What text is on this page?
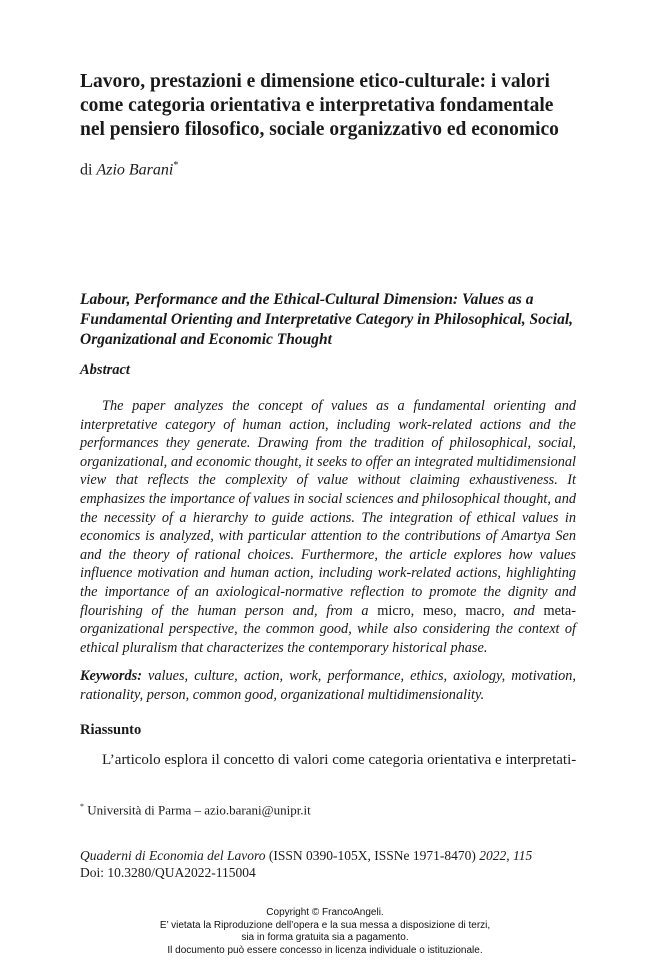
Lavoro, prestazioni e dimensione etico-culturale: i valori come categoria orientativa e interpretativa fondamentale nel pensiero filosofico, sociale organizzativo ed economico
di Azio Barani*
Labour, Performance and the Ethical-Cultural Dimension: Values as a Fundamental Orienting and Interpretative Category in Philosophical, Social, Organizational and Economic Thought
Abstract

The paper analyzes the concept of values as a fundamental orienting and interpretative category of human action, including work-related actions and the performances they generate. Drawing from the tradition of philosophical, social, organizational, and economic thought, it seeks to offer an integrated multidimensional view that reflects the complexity of value without claiming exhaustiveness. It emphasizes the importance of values in social sciences and philosophical thought, and the necessity of a hierarchy to guide actions. The integration of ethical values in economics is analyzed, with particular attention to the contributions of Amartya Sen and the theory of rational choices. Furthermore, the article explores how values influence motivation and human action, including work-related actions, highlighting the importance of an axiological-normative reflection to promote the dignity and flourishing of the human person and, from a micro, meso, macro, and meta-organizational perspective, the common good, while also considering the context of ethical pluralism that characterizes the contemporary historical phase.

Keywords: values, culture, action, work, performance, ethics, axiology, motivation, rationality, person, common good, organizational multidimensionality.

Riassunto
L’articolo esplora il concetto di valori come categoria orientativa e interpretati-
* Università di Parma – azio.barani@unipr.it
Quaderni di Economia del Lavoro (ISSN 0390-105X, ISSNe 1971-8470) 2022, 115
Doi: 10.3280/QUA2022-115004
Copyright © FrancoAngeli.
E’ vietata la Riproduzione dell’opera e la sua messa a disposizione di terzi,
sia in forma gratuita sia a pagamento.
Il documento può essere concesso in licenza individuale o istituzionale.
